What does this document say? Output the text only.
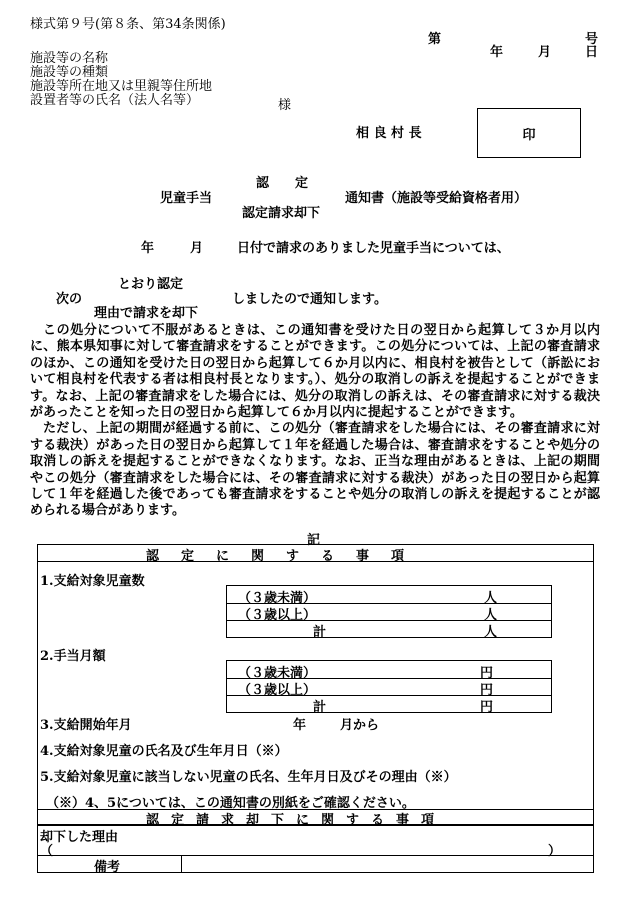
様式第９号(第８条、第34条関係)
第	号
年	月	日
施設等の名称
施設等の種類
施設等所在地又は里親等住所地
設置者等の氏名（法人名等）	様
相 良 村 長	印
認　　定
児童手当	通知書（施設等受給資格者用）
認定請求却下
年	月	日付で請求のありました児童手当については、
とおり認定
次の	しましたので通知します。
理由で請求を却下

この処分について不服があるときは、この通知書を受けた日の翌日から起算して３か月以内に、熊本県知事に対して審査請求をすることができます。この処分については、上記の審査請求のほか、この通知を受けた日の翌日から起算して６か月以内に、相良村を被告として（訴訟において相良村を代表する者は相良村長となります。）、処分の取消しの訴えを提起することができます。なお、上記の審査請求をした場合には、処分の取消しの訴えは、その審査請求に対する裁決があったことを知った日の翌日から起算して６か月以内に提起することができます。

ただし、上記の期間が経過する前に、この処分（審査請求をした場合には、その審査請求に対する裁決）があった日の翌日から起算して１年を経過した場合は、審査請求をすることや処分の取消しの訴えを提起することができなくなります。なお、正当な理由があるときは、上記の期間やこの処分（審査請求をした場合には、その審査請求に対する裁決）があった日の翌日から起算して１年を経過した後であっても審査請求をすることや処分の取消しの訴えを提起することが認められる場合があります。

記
認定に関する事項
1.支給対象児童数
（３歳未満）	人
（３歳以上）	人
計	人
2.手当月額
（３歳未満）	円
（３歳以上）	円
計	円
3.支給開始年月	年	月から
4.支給対象児童の氏名及び生年月日（※）
5.支給対象児童に該当しない児童の氏名、生年月日及びその理由（※）
（※）4、5については、この通知書の別紙をご確認ください。
認定請求却下に関する事項
却下した理由
（	）
備考
